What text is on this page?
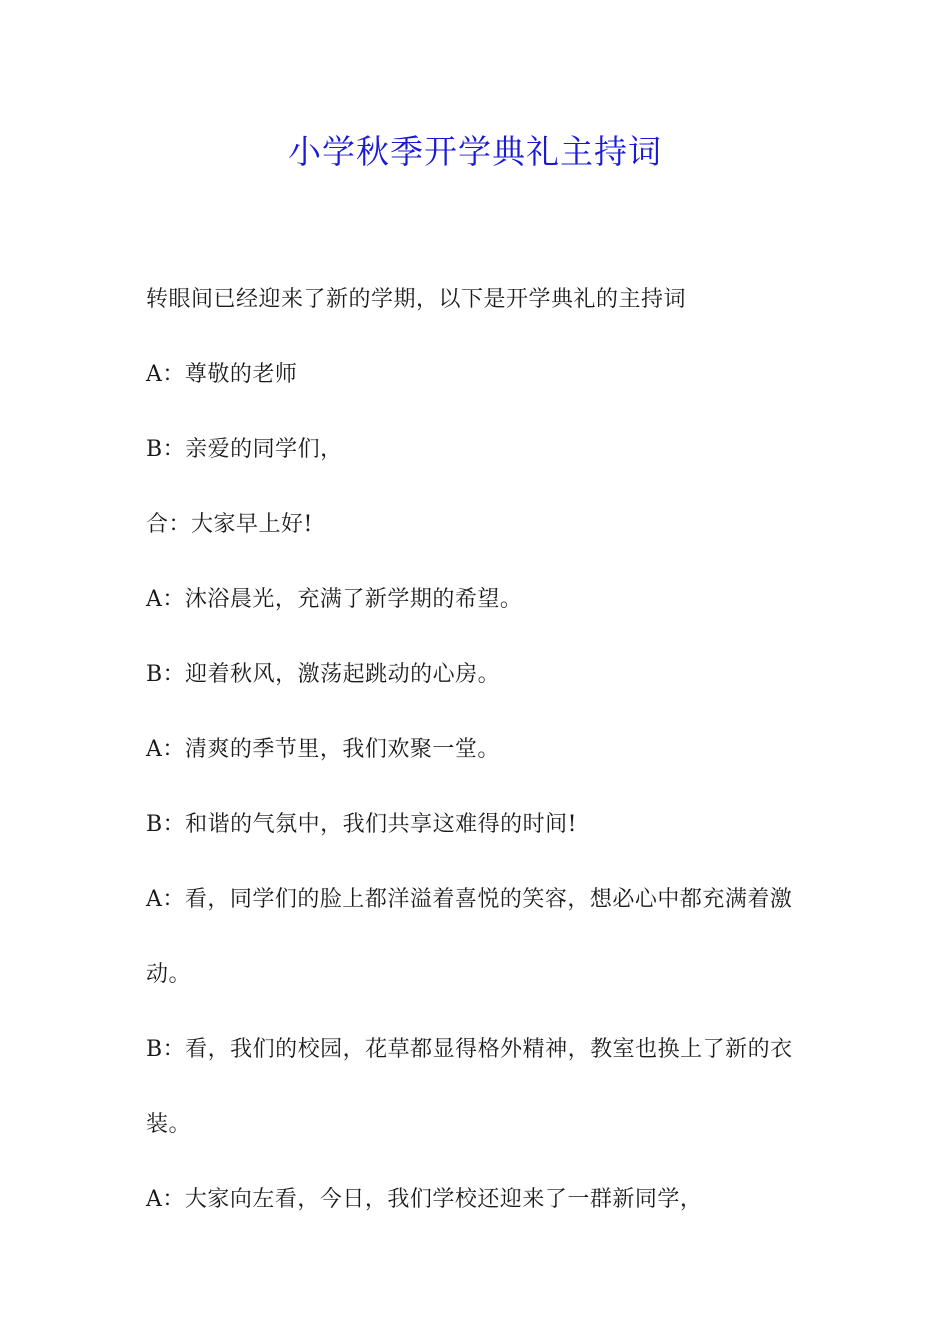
小学秋季开学典礼主持词

转眼间已经迎来了新的学期，以下是开学典礼的主持词

A：尊敬的老师

B：亲爱的同学们，

合：大家早上好!

A：沐浴晨光，充满了新学期的希望。

B：迎着秋风，激荡起跳动的心房。

A：清爽的季节里，我们欢聚一堂。

B：和谐的气氛中，我们共享这难得的时间!

A：看，同学们的脸上都洋溢着喜悦的笑容，想必心中都充满着激动。

B：看，我们的校园，花草都显得格外精神，教室也换上了新的衣装。

A：大家向左看，今日，我们学校还迎来了一群新同学，
